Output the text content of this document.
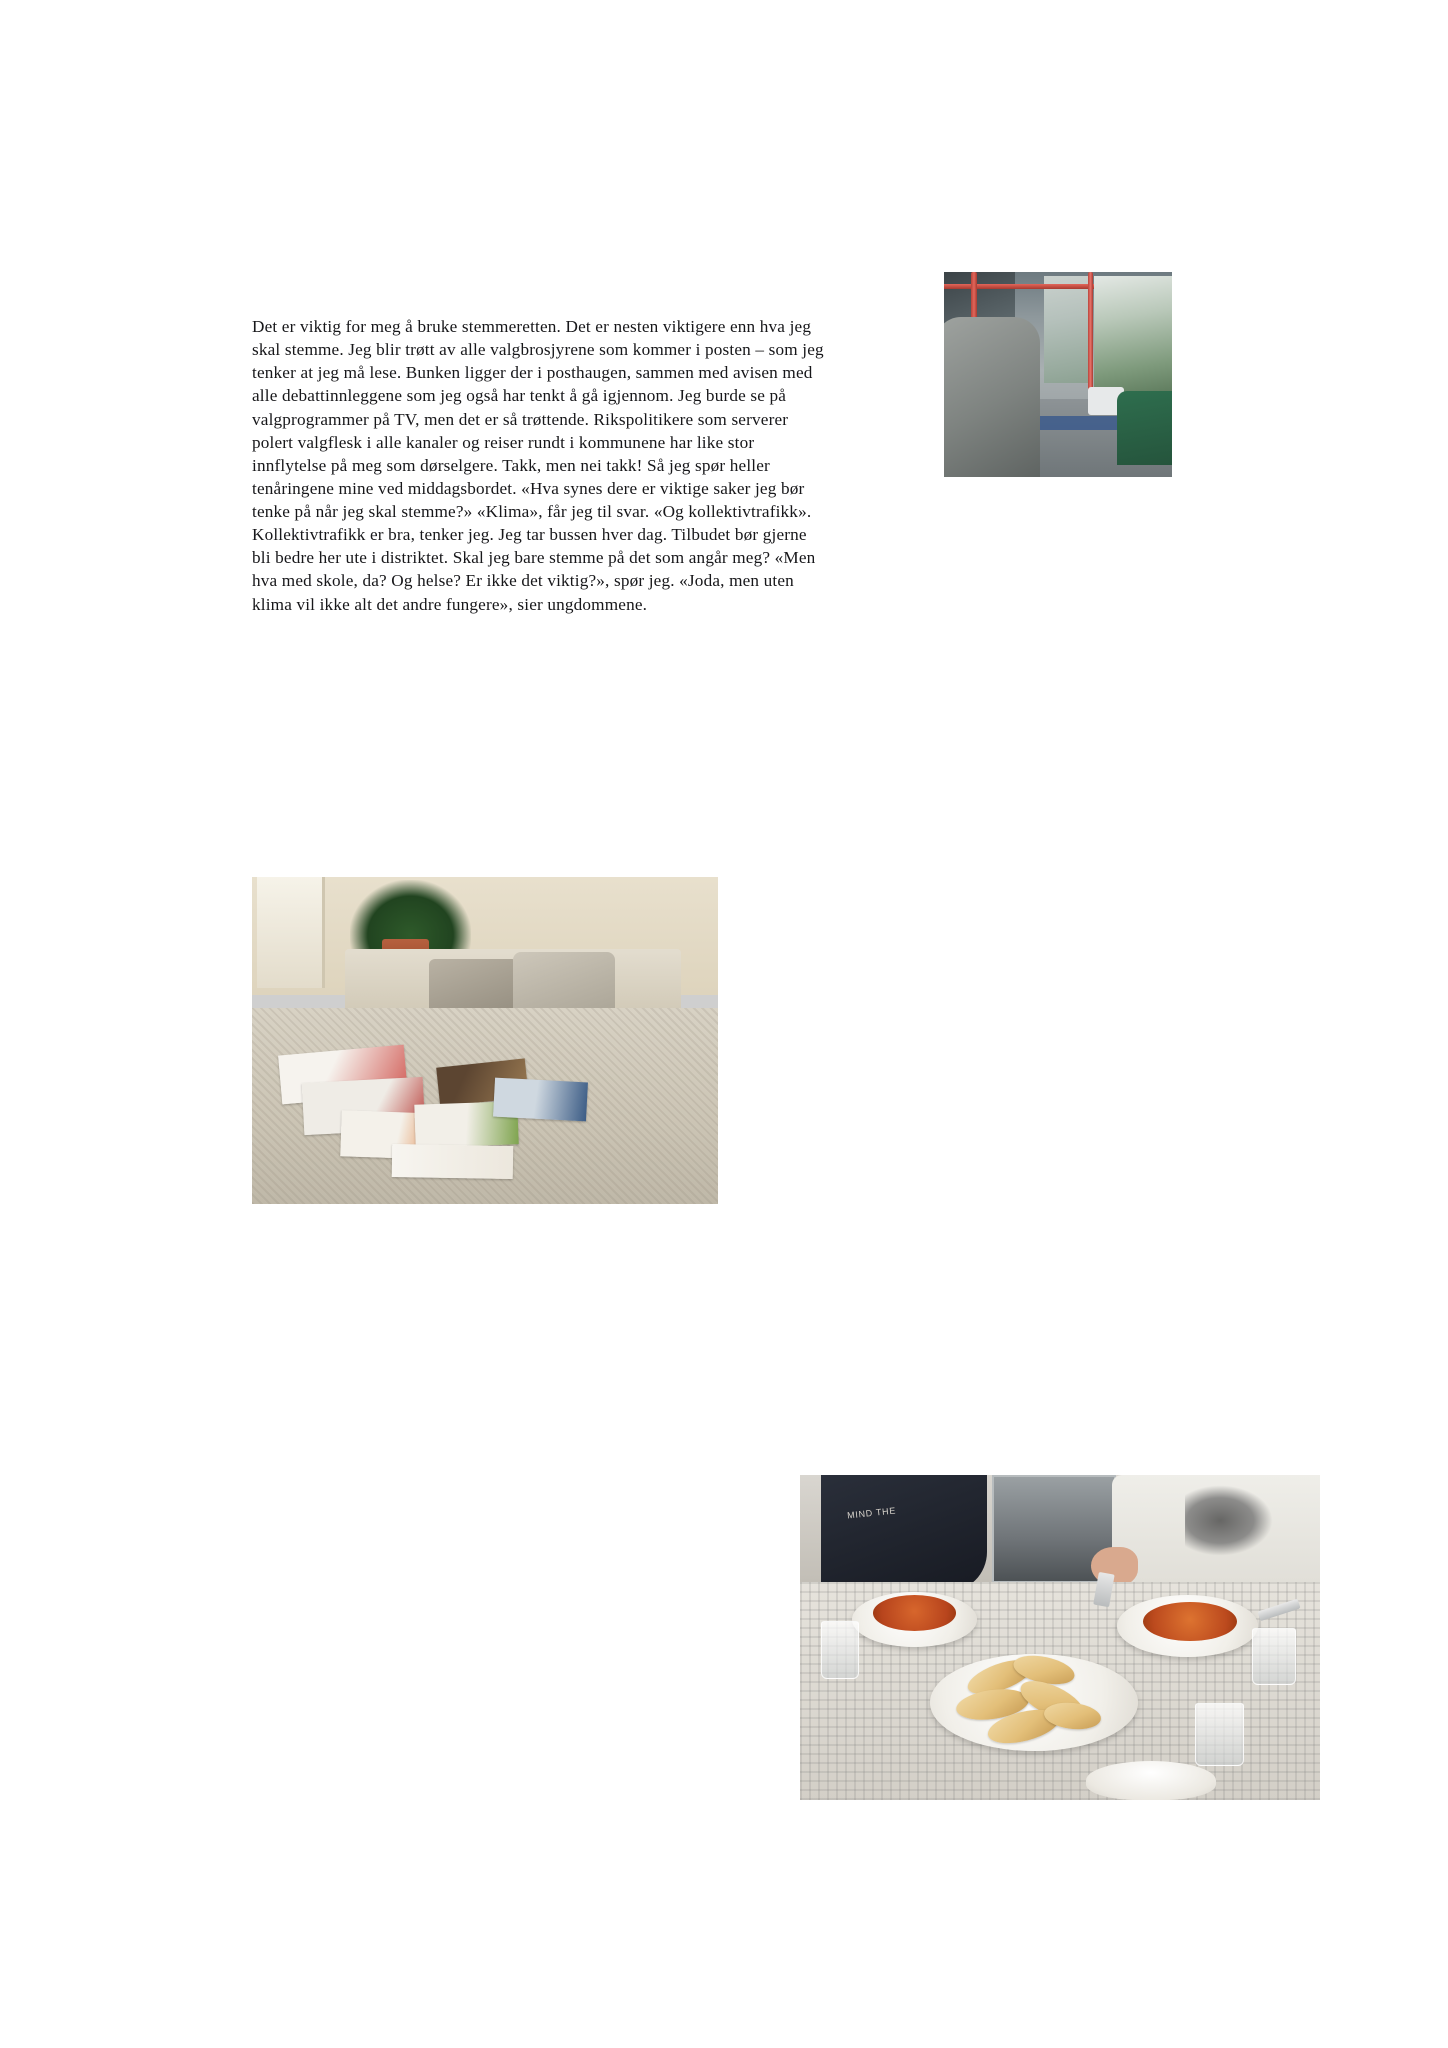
Det er viktig for meg å bruke stemmeretten. Det er nesten viktigere enn hva jeg skal stemme. Jeg blir trøtt av alle valgbrosjyrene som kommer i posten – som jeg tenker at jeg må lese. Bunken ligger der i posthaugen, sammen med avisen med alle debattinnleggene som jeg også har tenkt å gå igjennom. Jeg burde se på valgprogrammer på TV, men det er så trøttende. Rikspolitikere som serverer polert valgflesk i alle kanaler og reiser rundt i kommunene har like stor innflytelse på meg som dørselgere. Takk, men nei takk! Så jeg spør heller tenåringene mine ved middagsbordet. «Hva synes dere er viktige saker jeg bør tenke på når jeg skal stemme?» «Klima», får jeg til svar. «Og kollektivtrafikk». Kollektivtrafikk er bra, tenker jeg. Jeg tar bussen hver dag. Tilbudet bør gjerne bli bedre her ute i distriktet. Skal jeg bare stemme på det som angår meg? «Men hva med skole, da? Og helse? Er ikke det viktig?», spør jeg. «Joda, men uten klima vil ikke alt det andre fungere», sier ungdommene.

MIND THE
